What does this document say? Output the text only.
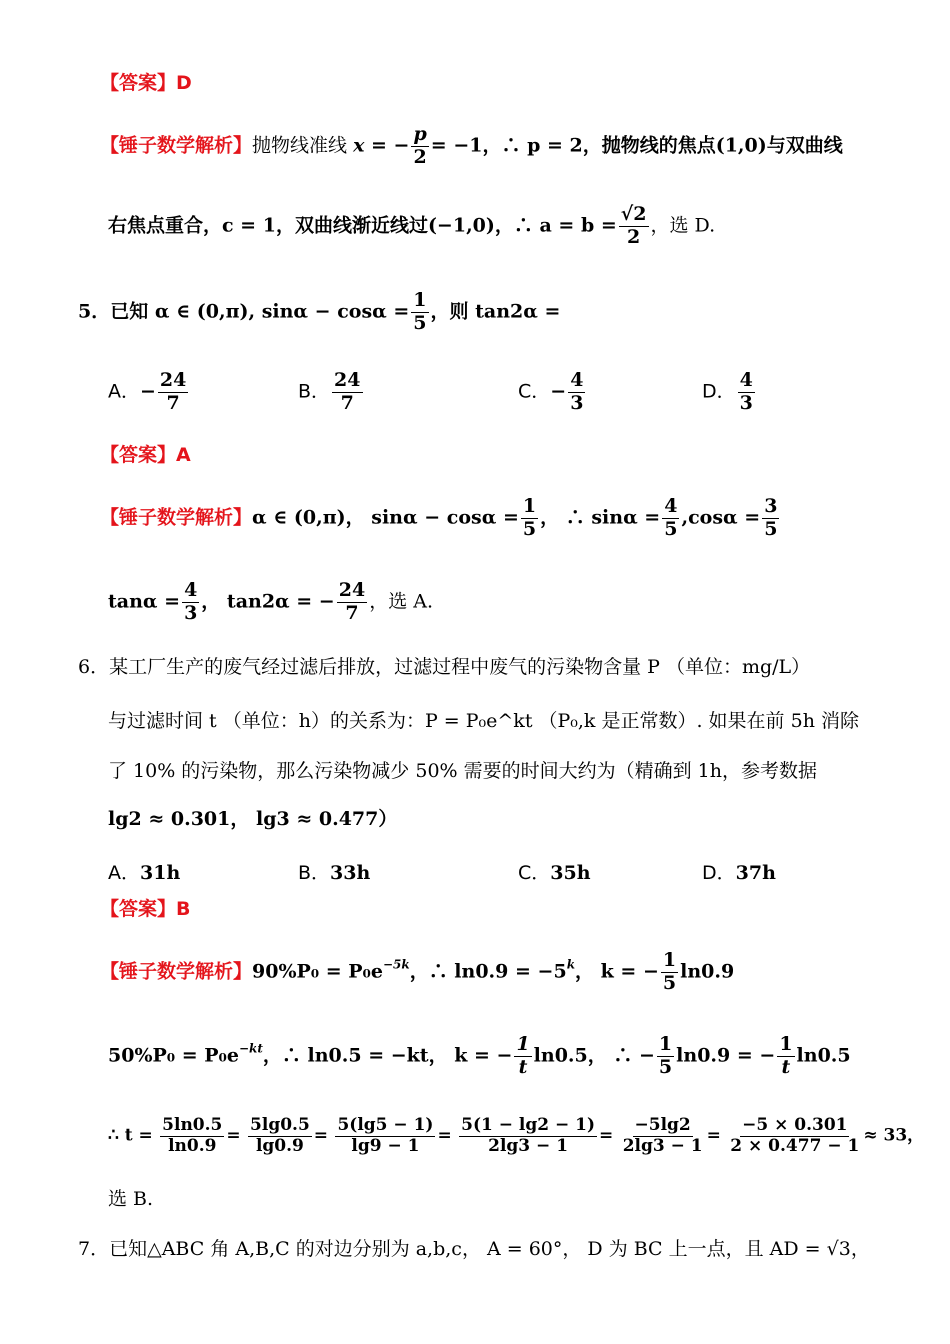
【答案】D
【锤子数学解析】抛物线准线 x = − $\frac{p}{2} = -1$，∴ p = 2，抛物线的焦点(1,0)与双曲线
右焦点重合，c = 1，双曲线渐近线过(−1,0)，∴ $a = b = \frac{√2}{2}$ ，选 D.
5．已知 α ∈ (0,π), $\sin\alpha - \cos\alpha = \frac{1}{5}$ ，则 tan2α =
A．− $\frac{24}{7}$	B． $\frac{24}{7}$	C．− $\frac{4}{3}$	D． $\frac{4}{3}$
【答案】A
【锤子数学解析】α ∈ (0,π)， $\sin\alpha - \cos\alpha = \frac{1}{5}$ ， ∴ $\sin\alpha = \frac{4}{5} ,\cos\alpha = \frac{3}{5}$
$\tan\alpha = \frac{4}{3}$ ， tan2α = − $\frac{24}{7}$ ，选 A.
6．某工厂生产的废气经过滤后排放，过滤过程中废气的污染物含量 P （单位：mg/L）
与过滤时间 t （单位：h）的关系为：P = P₀e^kt （P₀,k 是正常数）. 如果在前 5h 消除
了 10% 的污染物，那么污染物减少 50% 需要的时间大约为（精确到 1h，参考数据
lg2 ≈ 0.301， lg3 ≈ 0.477）
A．31h	B．33h	C．35h	D．37h
【答案】B
【锤子数学解析】$90\%P_0 = P_0e^{-5k}$，∴ $\ln 0.9 = -5^k$， k = − $\frac{1}{5} \ln 0.9$
$50\%P_0 = P_0e^{-kt}$，∴ ln0.5 = −kt， k = − $\frac{1}{t} \ln 0.5$， ∴ − $\frac{1}{5} \ln 0.9$ = − $\frac{1}{t} \ln 0.5$
∴ $t = \frac{5\ln 0.5}{\ln 0.9} = \frac{5\lg 0.5}{\lg 0.9} = \frac{5(\lg 5 - 1)}{\lg 9 - 1} = \frac{5(1 - \lg 2 - 1)}{2\lg 3 - 1} = \frac{-5\lg 2}{2\lg 3 - 1} = \frac{-5 \times 0.301}{2 \times 0.477 - 1} \approx 33$，
选 B.
7．已知△ABC 角 A,B,C 的对边分别为 a,b,c， A = 60°， D 为 BC 上一点，且 AD = √3，
